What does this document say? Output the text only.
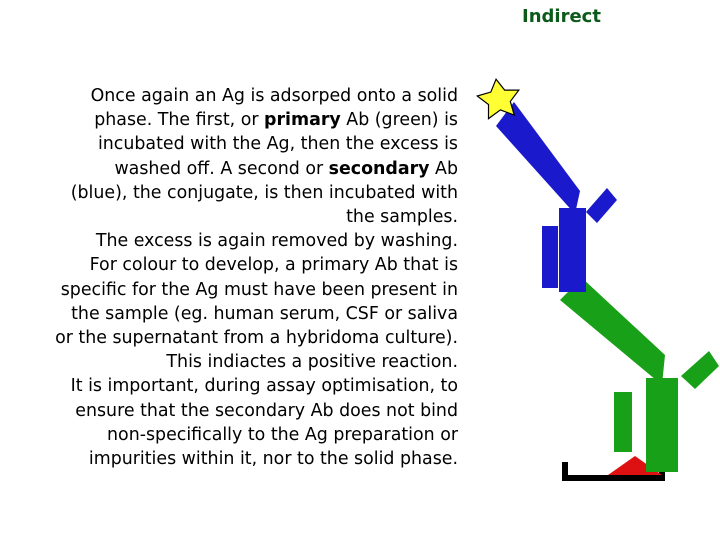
Indirect
Once again an Ag is adsorped onto a solid
phase. The first, or primary Ab (green) is
incubated with the Ag, then the excess is
washed off. A second or secondary Ab
(blue), the conjugate, is then incubated with
the samples.
The excess is again removed by washing.
For colour to develop, a primary Ab that is
specific for the Ag must have been present in
the sample (eg. human serum, CSF or saliva
or the supernatant from a hybridoma culture).
This indiactes a positive reaction.
It is important, during assay optimisation, to
ensure that the secondary Ab does not bind
non-specifically to the Ag preparation or
impurities within it, nor to the solid phase.
